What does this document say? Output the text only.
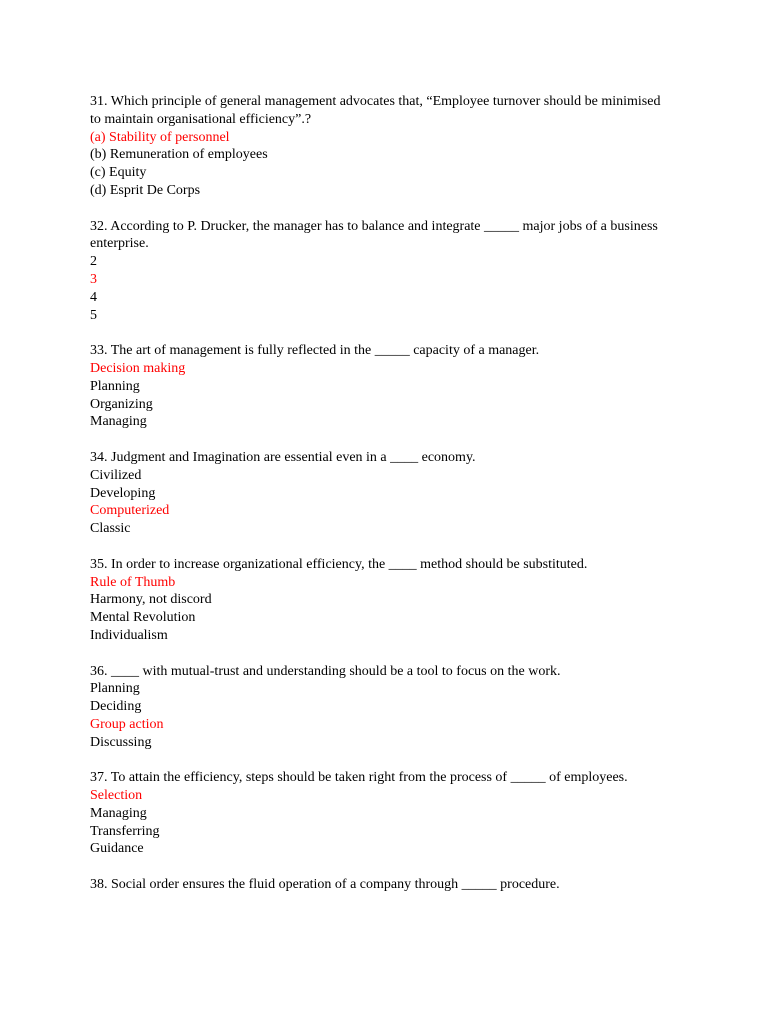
31. Which principle of general management advocates that, “Employee turnover should be minimised to maintain organisational efficiency”.?
(a) Stability of personnel
(b) Remuneration of employees
(c) Equity
(d) Esprit De Corps
32. According to P. Drucker, the manager has to balance and integrate _____ major jobs of a business enterprise.
2
3
4
5
33. The art of management is fully reflected in the _____ capacity of a manager.
Decision making
Planning
Organizing
Managing
34. Judgment and Imagination are essential even in a ____ economy.
Civilized
Developing
Computerized
Classic
35. In order to increase organizational efficiency, the ____ method should be substituted.
Rule of Thumb
Harmony, not discord
Mental Revolution
Individualism
36. ____ with mutual-trust and understanding should be a tool to focus on the work.
Planning
Deciding
Group action
Discussing
37. To attain the efficiency, steps should be taken right from the process of _____ of employees.
Selection
Managing
Transferring
Guidance
38. Social order ensures the fluid operation of a company through _____ procedure.
